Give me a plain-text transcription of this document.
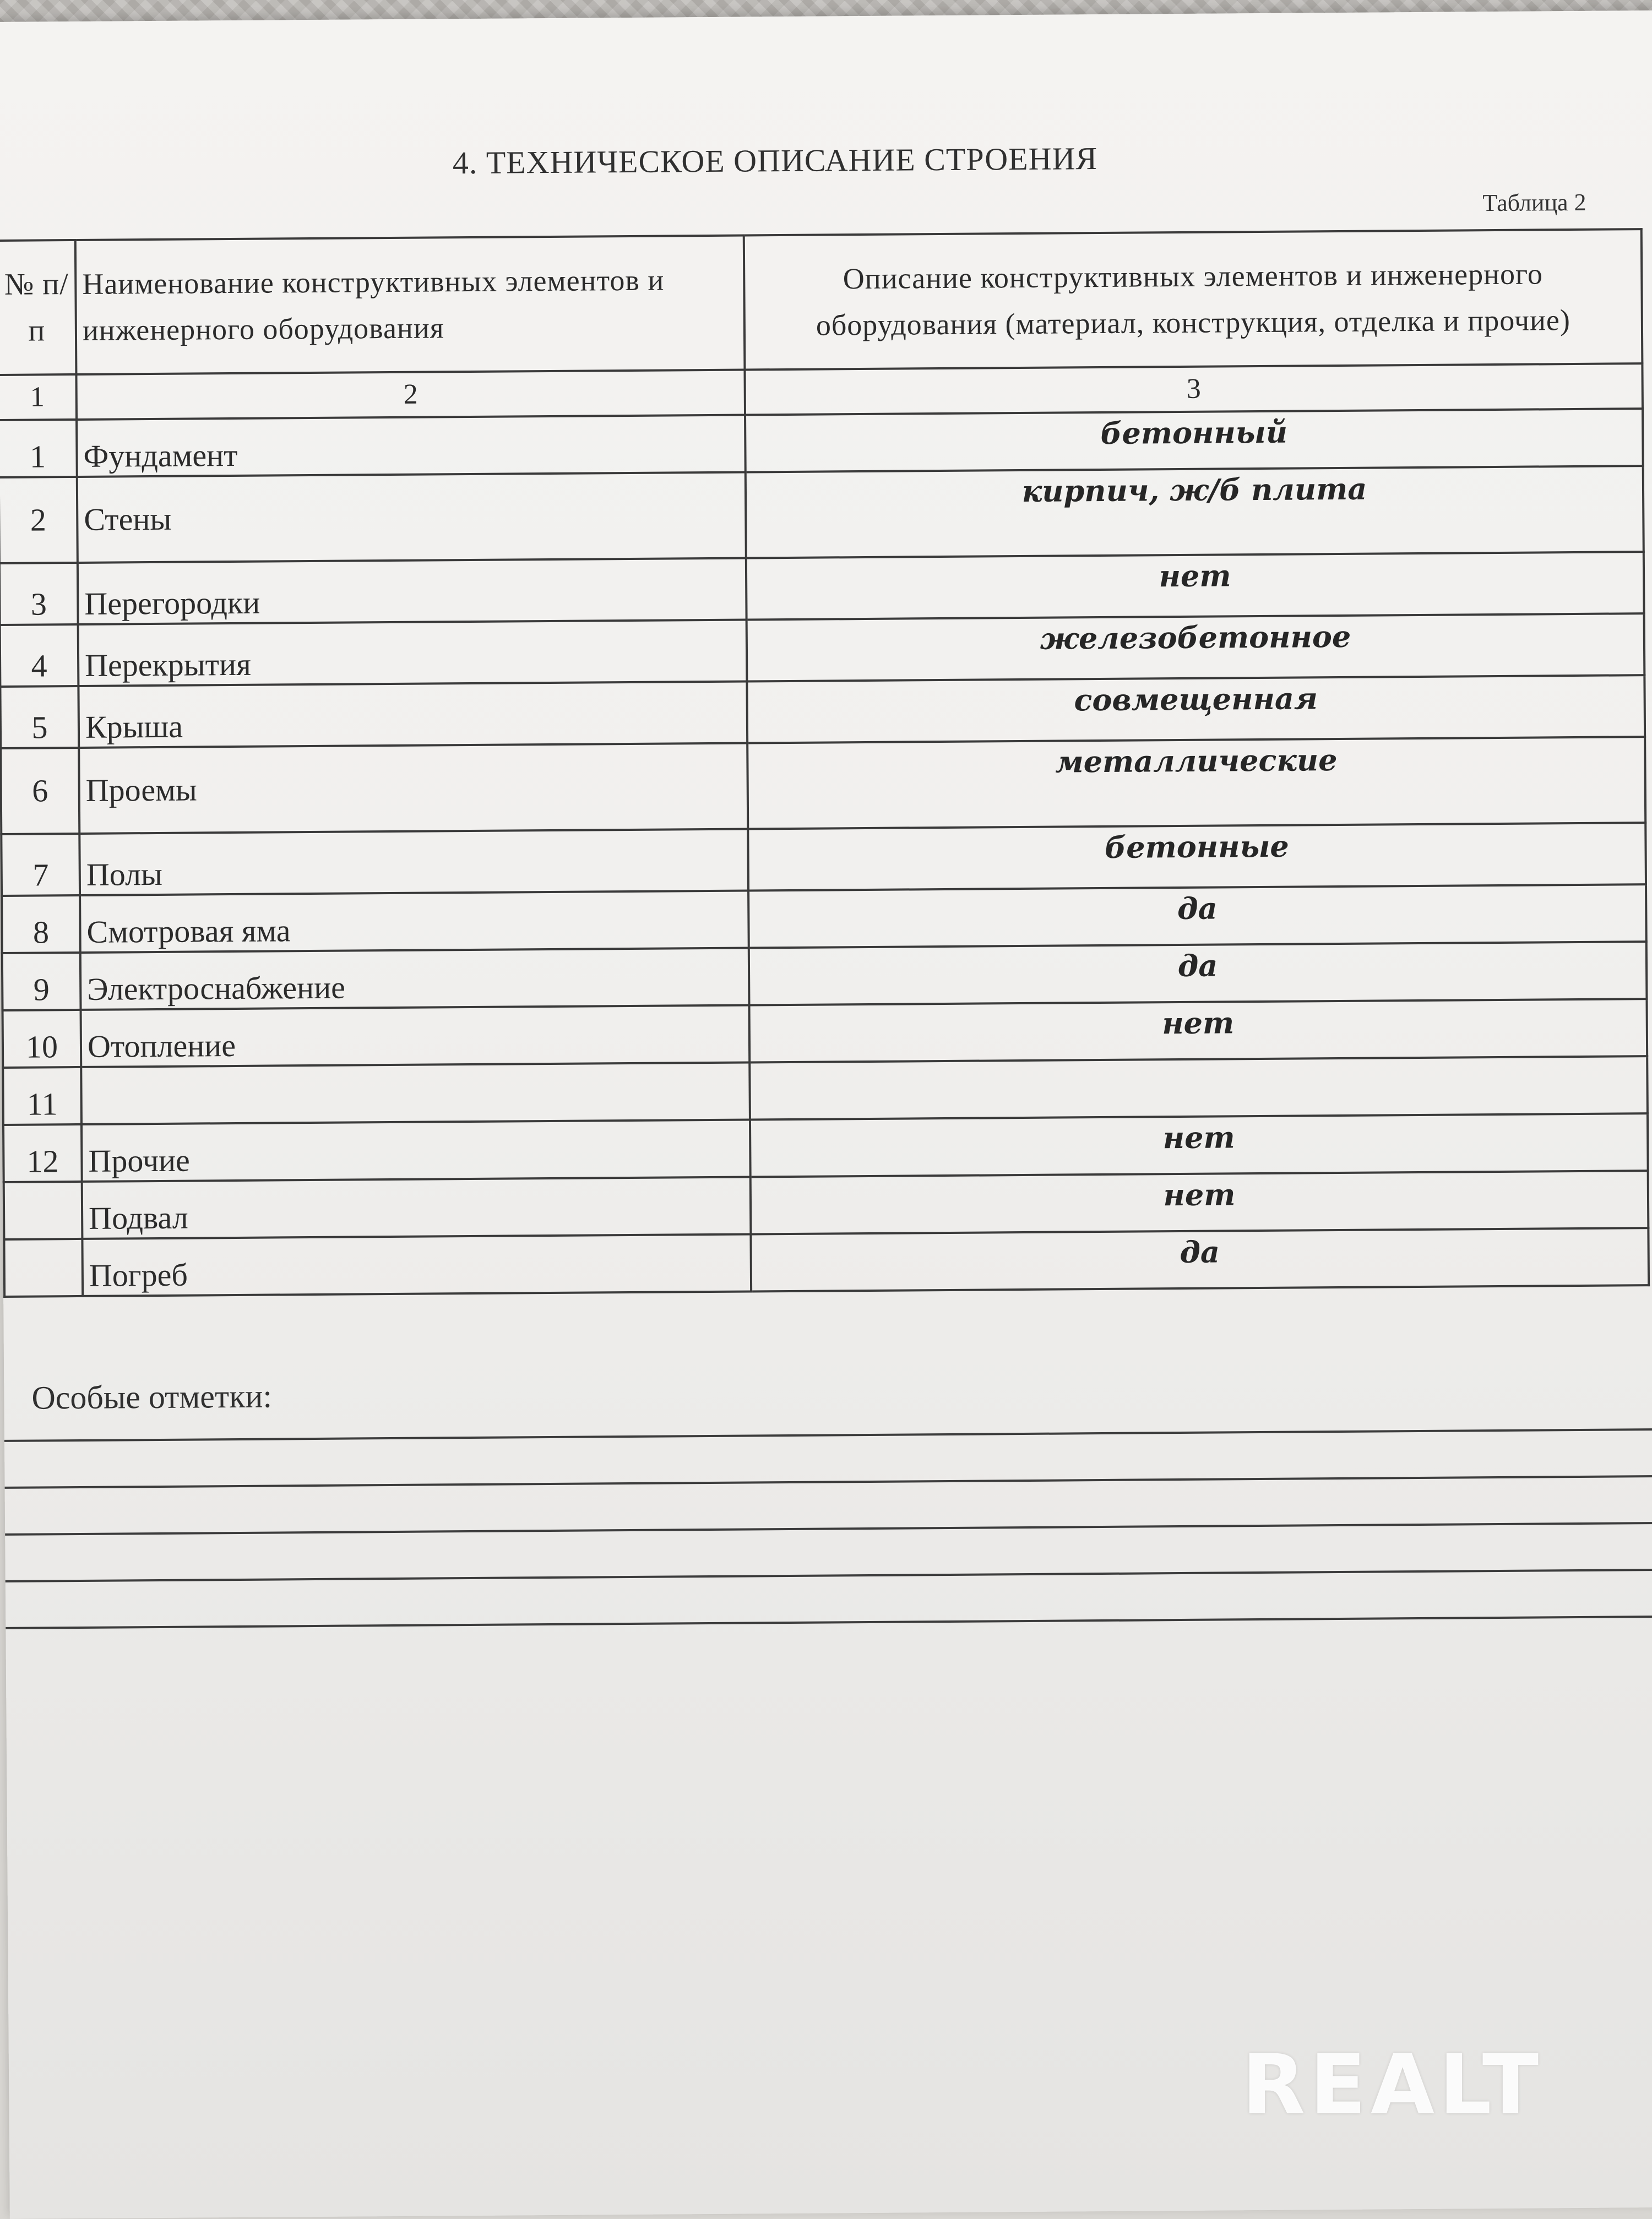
4. ТЕХНИЧЕСКОЕ ОПИСАНИЕ СТРОЕНИЯ
Таблица 2
№ п/п	Наименование конструктивных элементов и инженерного оборудования	Описание конструктивных элементов и инженерного оборудования (материал, конструкция, отделка и прочие)
1	2	3
1	Фундамент	бетонный
2	Стены	кирпич, ж/б плита
3	Перегородки	нет
4	Перекрытия	железобетонное
5	Крыша	совмещенная
6	Проемы	металлические
7	Полы	бетонные
8	Смотровая яма	да
9	Электроснабжение	да
10	Отопление	нет
11		
12	Прочие	нет
	Подвал	нет
	Погреб	да
Особые отметки:
REALT
